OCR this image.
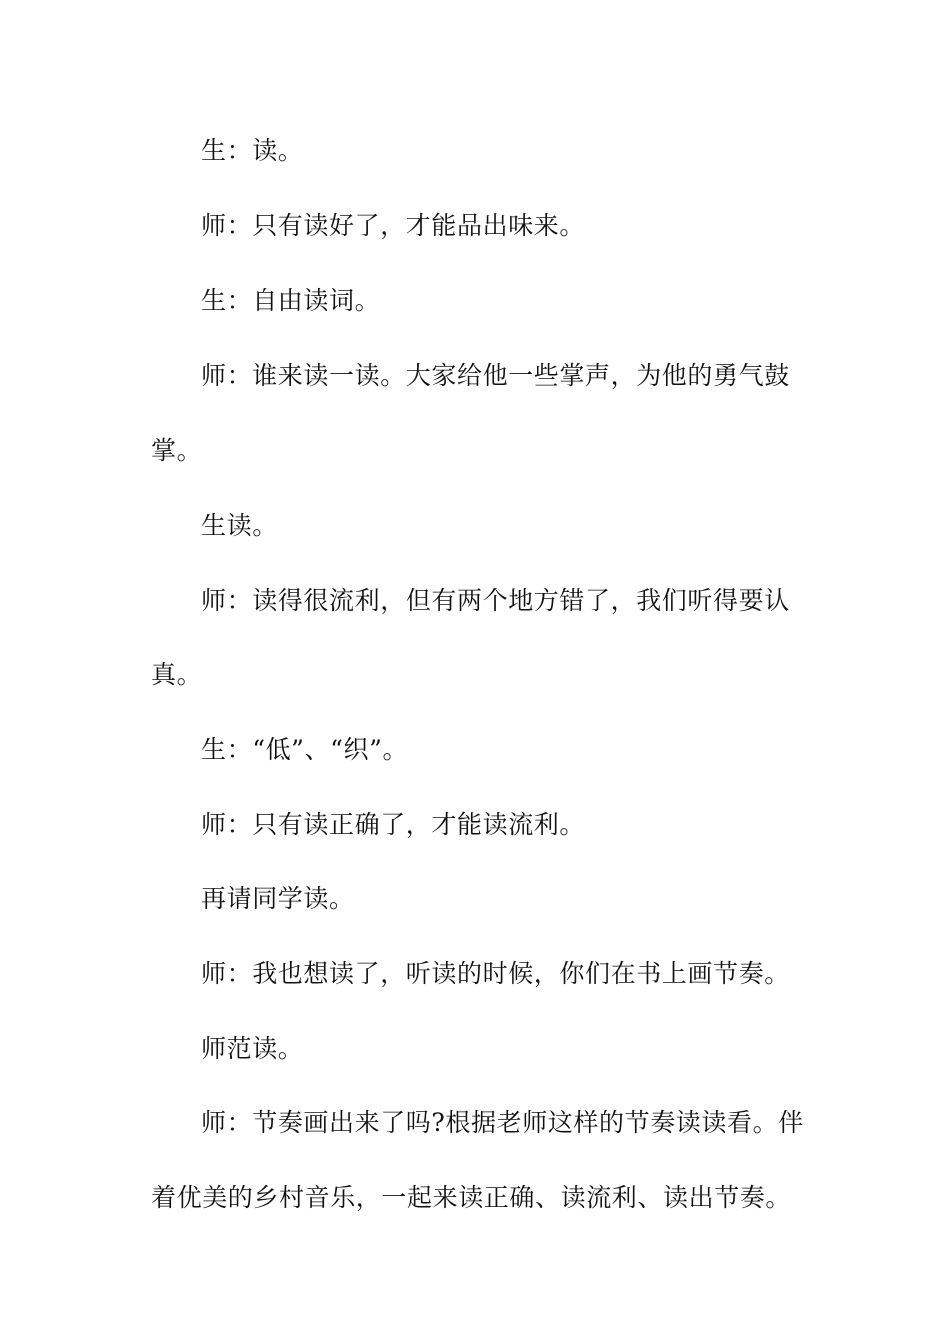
生：读。
师：只有读好了，才能品出味来。
生：自由读词。
师：谁来读一读。大家给他一些掌声，为他的勇气鼓
掌。
生读。
师：读得很流利，但有两个地方错了，我们听得要认
真。
生：“低”、“织”。
师：只有读正确了，才能读流利。
再请同学读。
师：我也想读了，听读的时候，你们在书上画节奏。
师范读。
师：节奏画出来了吗?根据老师这样的节奏读读看。伴
着优美的乡村音乐，一起来读正确、读流利、读出节奏。
